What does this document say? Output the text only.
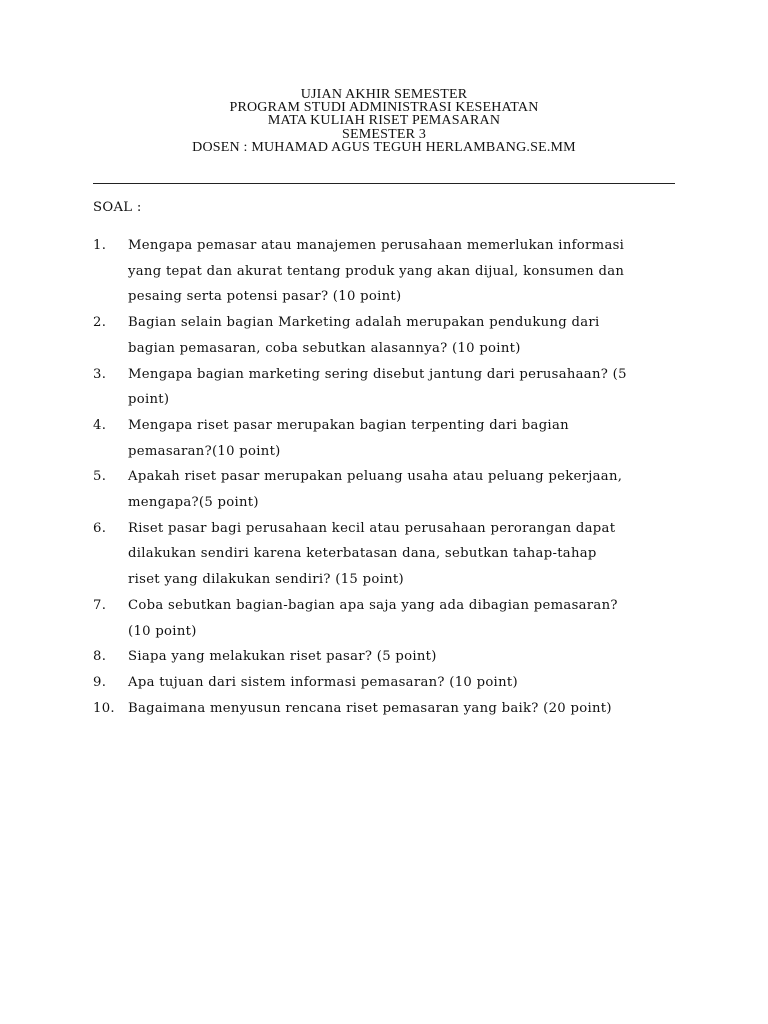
UJIAN AKHIR SEMESTER
PROGRAM STUDI ADMINISTRASI KESEHATAN
MATA KULIAH RISET PEMASARAN
SEMESTER 3
DOSEN : MUHAMAD AGUS TEGUH HERLAMBANG.SE.MM
SOAL :
1. Mengapa pemasar atau manajemen perusahaan memerlukan informasi
yang tepat dan akurat tentang produk yang akan dijual, konsumen dan
pesaing serta potensi pasar? (10 point)
2. Bagian selain bagian Marketing adalah merupakan pendukung dari
bagian pemasaran, coba sebutkan alasannya? (10 point)
3. Mengapa bagian marketing sering disebut jantung dari perusahaan? (5
point)
4. Mengapa riset pasar merupakan bagian terpenting dari bagian
pemasaran?(10 point)
5. Apakah riset pasar merupakan peluang usaha atau peluang pekerjaan,
mengapa?(5 point)
6. Riset pasar bagi perusahaan kecil atau perusahaan perorangan dapat
dilakukan sendiri karena keterbatasan dana, sebutkan tahap-tahap
riset yang dilakukan sendiri? (15 point)
7. Coba sebutkan bagian-bagian apa saja yang ada dibagian pemasaran?
(10 point)
8. Siapa yang melakukan riset pasar? (5 point)
9. Apa tujuan dari sistem informasi pemasaran? (10 point)
10. Bagaimana menyusun rencana riset pemasaran yang baik? (20 point)
